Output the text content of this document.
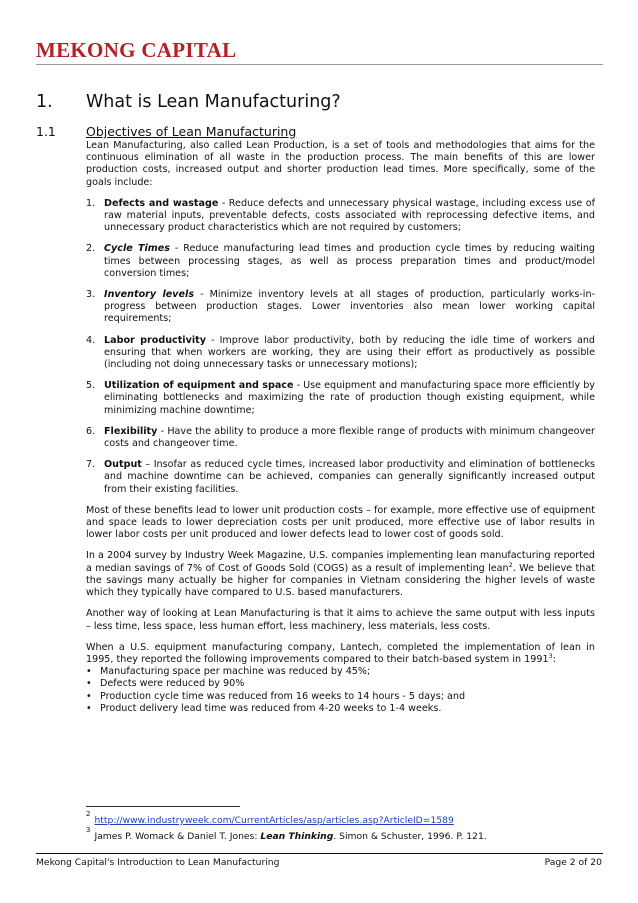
MEKONG CAPITAL
1. What is Lean Manufacturing?
1.1 Objectives of Lean Manufacturing

Lean Manufacturing, also called Lean Production, is a set of tools and methodologies that aims for the continuous elimination of all waste in the production process. The main benefits of this are lower production costs, increased output and shorter production lead times. More specifically, some of the goals include:

1. Defects and wastage - Reduce defects and unnecessary physical wastage, including excess use of raw material inputs, preventable defects, costs associated with reprocessing defective items, and unnecessary product characteristics which are not required by customers;
2. Cycle Times - Reduce manufacturing lead times and production cycle times by reducing waiting times between processing stages, as well as process preparation times and product/model conversion times;
3. Inventory levels - Minimize inventory levels at all stages of production, particularly works-in-progress between production stages. Lower inventories also mean lower working capital requirements;
4. Labor productivity - Improve labor productivity, both by reducing the idle time of workers and ensuring that when workers are working, they are using their effort as productively as possible (including not doing unnecessary tasks or unnecessary motions);
5. Utilization of equipment and space - Use equipment and manufacturing space more efficiently by eliminating bottlenecks and maximizing the rate of production though existing equipment, while minimizing machine downtime;
6. Flexibility - Have the ability to produce a more flexible range of products with minimum changeover costs and changeover time.
7. Output – Insofar as reduced cycle times, increased labor productivity and elimination of bottlenecks and machine downtime can be achieved, companies can generally significantly increased output from their existing facilities.

Most of these benefits lead to lower unit production costs – for example, more effective use of equipment and space leads to lower depreciation costs per unit produced, more effective use of labor results in lower labor costs per unit produced and lower defects lead to lower cost of goods sold.

In a 2004 survey by Industry Week Magazine, U.S. companies implementing lean manufacturing reported a median savings of 7% of Cost of Goods Sold (COGS) as a result of implementing lean$^2$. We believe that the savings many actually be higher for companies in Vietnam considering the higher levels of waste which they typically have compared to U.S. based manufacturers.

Another way of looking at Lean Manufacturing is that it aims to achieve the same output with less inputs – less time, less space, less human effort, less machinery, less materials, less costs.

When a U.S. equipment manufacturing company, Lantech, completed the implementation of lean in 1995, they reported the following improvements compared to their batch-based system in 1991$^3$:

• Manufacturing space per machine was reduced by 45%;
• Defects were reduced by 90%
• Production cycle time was reduced from 16 weeks to 14 hours - 5 days; and
• Product delivery lead time was reduced from 4-20 weeks to 1-4 weeks.
$^2$http://www.industryweek.com/CurrentArticles/asp/articles.asp?ArticleID=1589
$^3$James P. Womack & Daniel T. Jones: Lean Thinking. Simon & Schuster, 1996. P. 121.
Mekong Capital's Introduction to Lean Manufacturing	Page 2 of 20
